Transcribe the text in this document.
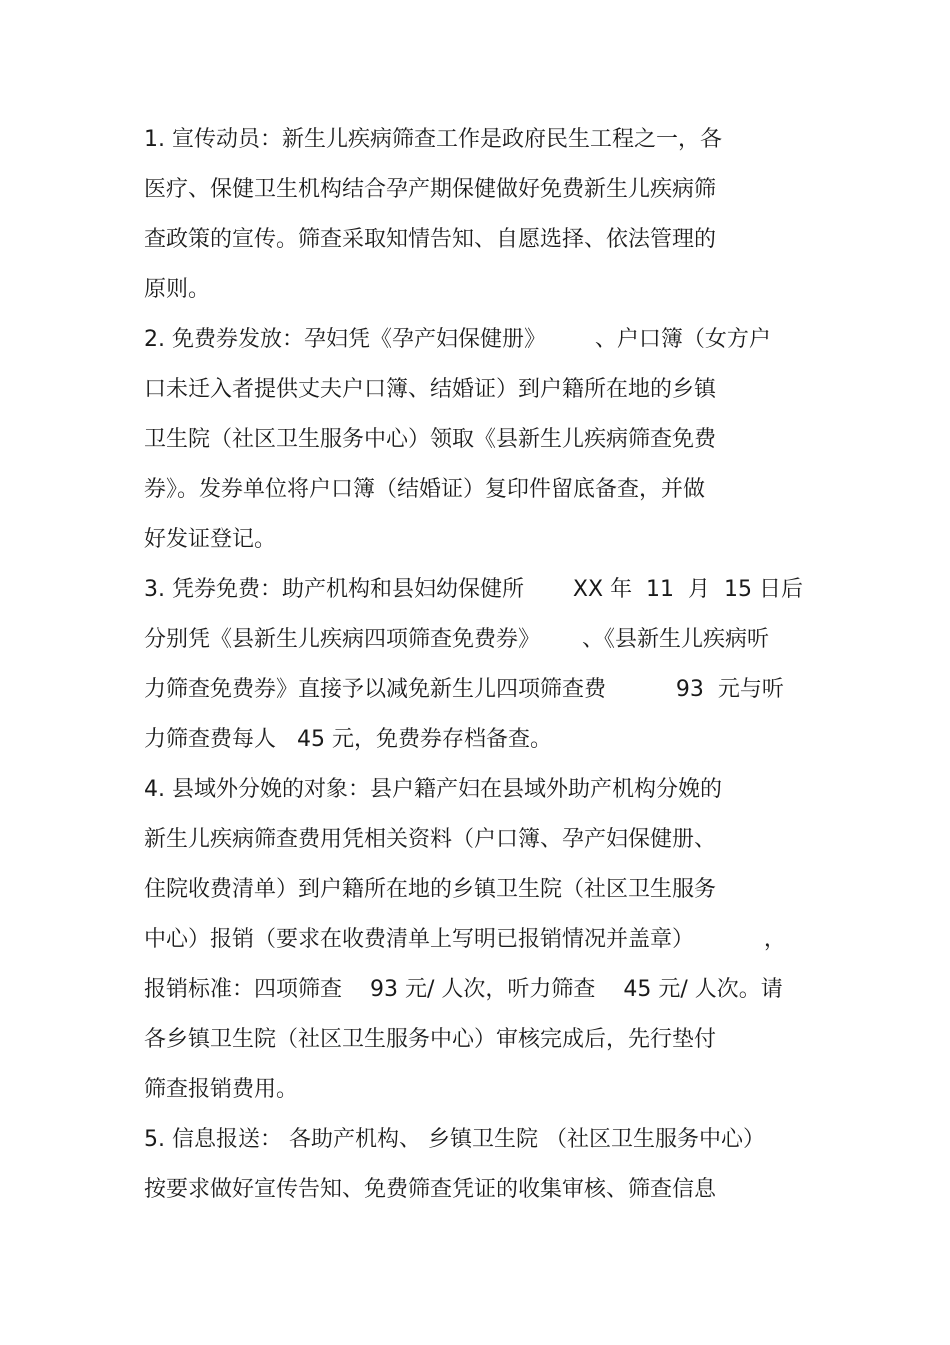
1. 宣传动员：新生儿疾病筛查工作是政府民生工程之一，各
医疗、保健卫生机构结合孕产期保健做好免费新生儿疾病筛
查政策的宣传。筛查采取知情告知、自愿选择、依法管理的
原则。
2. 免费券发放：孕妇凭《孕产妇保健册》       、户口簿（女方户
口未迁入者提供丈夫户口簿、结婚证）到户籍所在地的乡镇
卫生院（社区卫生服务中心）领取《县新生儿疾病筛查免费
券》。发券单位将户口簿（结婚证）复印件留底备查，并做
好发证登记。
3. 凭券免费：助产机构和县妇幼保健所       XX 年  11  月  15 日后
分别凭《县新生儿疾病四项筛查免费券》      、《县新生儿疾病听
力筛查免费券》直接予以减免新生儿四项筛查费          93  元与听
力筛查费每人   45 元，免费券存档备查。
4. 县域外分娩的对象：县户籍产妇在县域外助产机构分娩的
新生儿疾病筛查费用凭相关资料（户口簿、孕产妇保健册、
住院收费清单）到户籍所在地的乡镇卫生院（社区卫生服务
中心）报销（要求在收费清单上写明已报销情况并盖章）          ，
报销标准：四项筛查    93 元/ 人次，听力筛查    45 元/ 人次。请
各乡镇卫生院（社区卫生服务中心）审核完成后，先行垫付
筛查报销费用。
5. 信息报送： 各助产机构、 乡镇卫生院 （社区卫生服务中心）
按要求做好宣传告知、免费筛查凭证的收集审核、筛查信息
